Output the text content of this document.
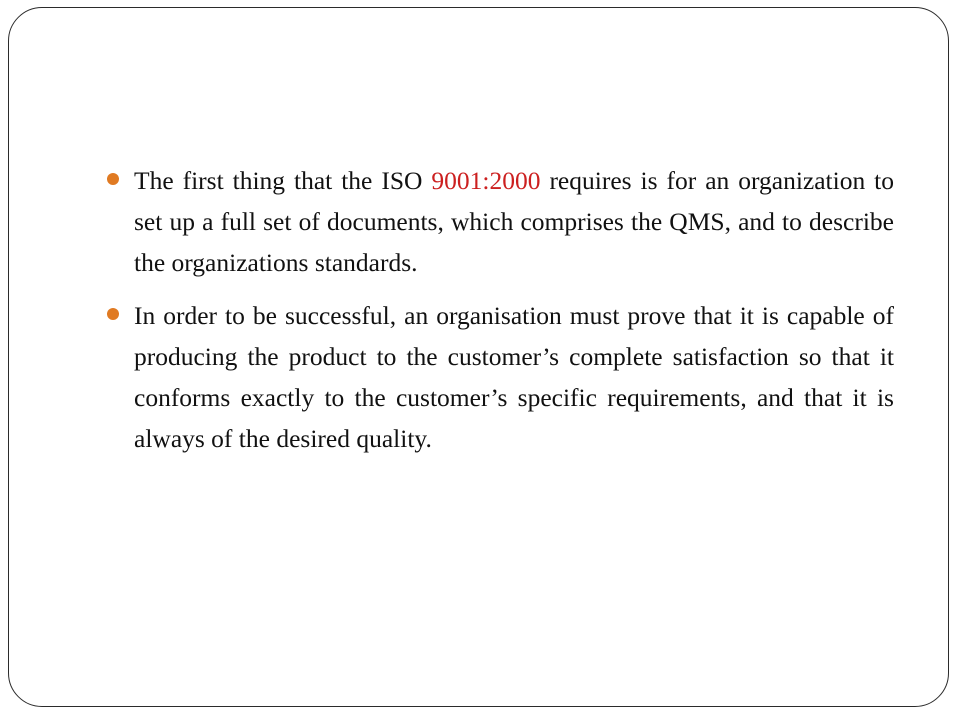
The first thing that the ISO 9001:2000 requires is for an organization to set up a full set of documents, which comprises the QMS, and to describe the organizations standards.
In order to be successful, an organisation must prove that it is capable of producing the product to the customer’s complete satisfaction so that it conforms exactly to the customer’s specific requirements, and that it is always of the desired quality.
